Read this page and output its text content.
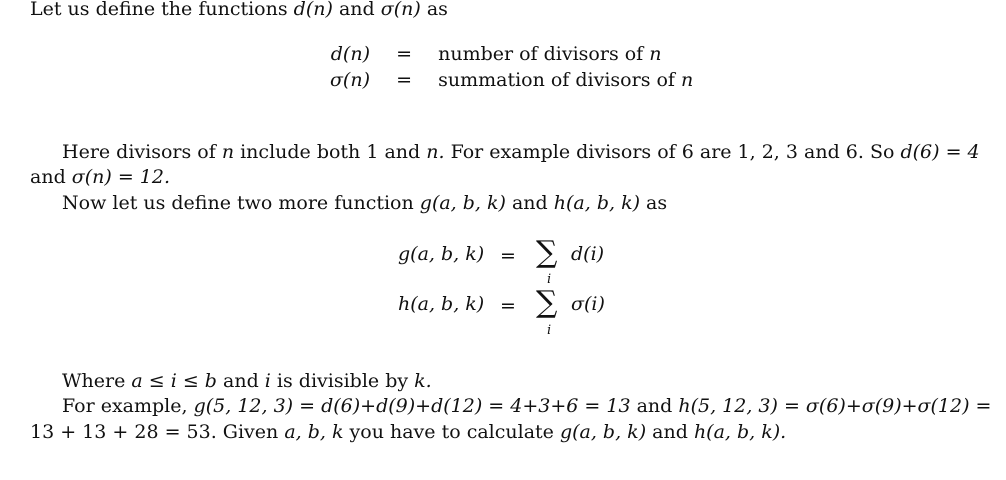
Let us define the functions d(n) and σ(n) as
d(n) = number of divisors of n
σ(n) = summation of divisors of n
Here divisors of n include both 1 and n. For example divisors of 6 are 1, 2, 3 and 6. So d(6) = 4
and σ(n) = 12.
Now let us define two more function g(a, b, k) and h(a, b, k) as
g(a, b, k) = ∑
i
d(i)
h(a, b, k) = ∑
i
σ(i)
Where a ≤ i ≤ b and i is divisible by k.
For example, g(5, 12, 3) = d(6)+d(9)+d(12) = 4+3+6 = 13 and h(5, 12, 3) = σ(6)+σ(9)+σ(12) =
13 + 13 + 28 = 53. Given a, b, k you have to calculate g(a, b, k) and h(a, b, k).
